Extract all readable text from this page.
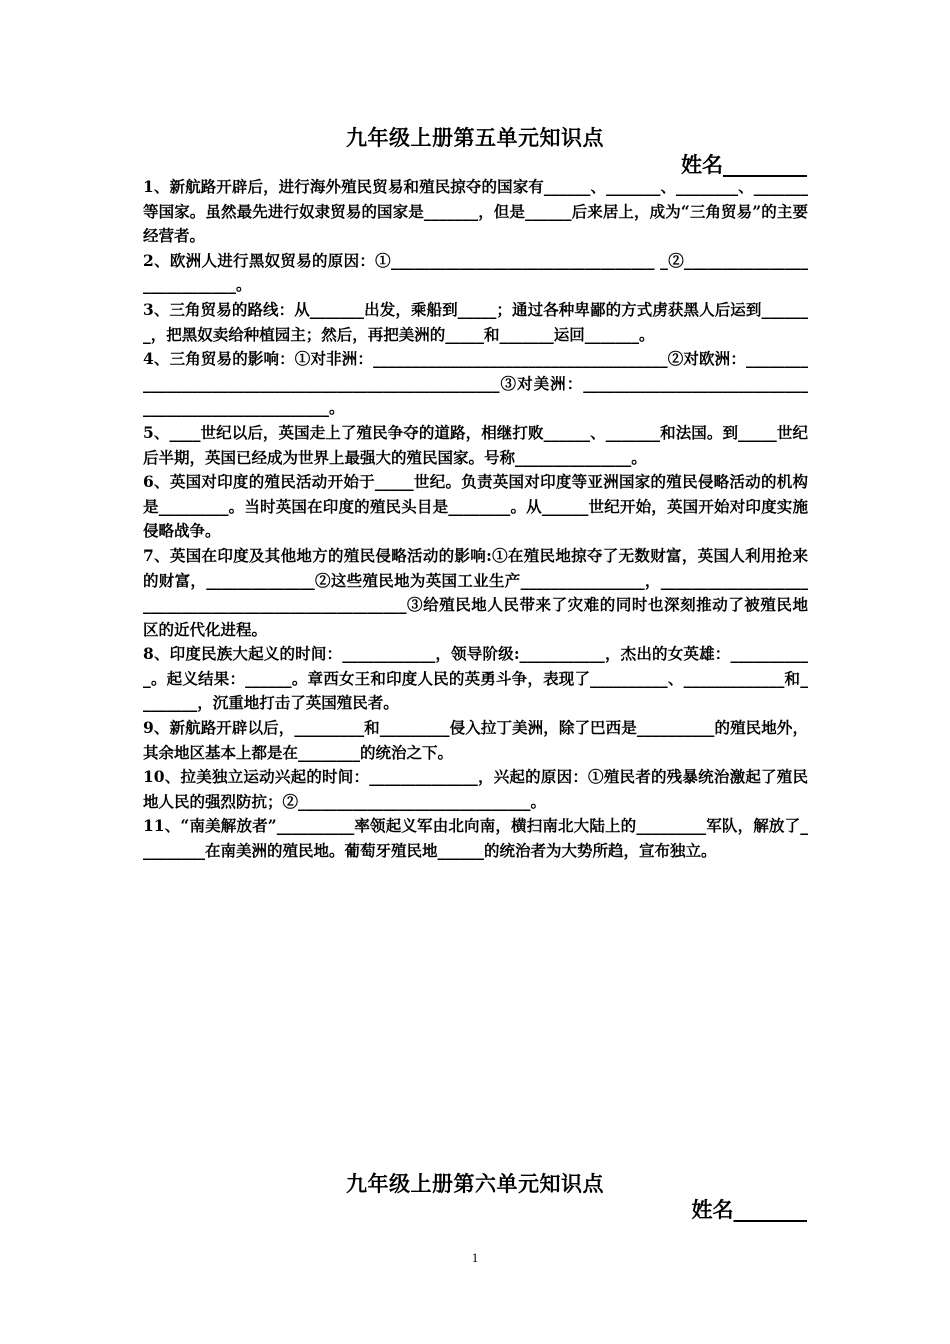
九年级上册第五单元知识点
姓名________

1、新航路开辟后，进行海外殖民贸易和殖民掠夺的国家有______、_______、________、_______等国家。虽然最先进行奴隶贸易的国家是_______，但是______后来居上，成为“三角贸易”的主要经营者。

2、欧洲人进行黑奴贸易的原因：①__________________________________ _②____________________________。

3、三角贸易的路线：从_______出发，乘船到_____；通过各种卑鄙的方式虏获黑人后运到_______，把黑奴卖给种植园主；然后，再把美洲的_____和_______运回_______。

4、三角贸易的影响：①对非洲：______________________________________②对欧洲：______________________________________________________③对美洲：_____________________________________________________。

5、____世纪以后，英国走上了殖民争夺的道路，相继打败______、_______和法国。到_____世纪后半期，英国已经成为世界上最强大的殖民国家。号称_______________。

6、英国对印度的殖民活动开始于_____世纪。负责英国对印度等亚洲国家的殖民侵略活动的机构是_________。当时英国在印度的殖民头目是________。从______世纪开始，英国开始对印度实施侵略战争。

7、英国在印度及其他地方的殖民侵略活动的影响:①在殖民地掠夺了无数财富，英国人利用抢来的财富，______________②这些殖民地为英国工业生产________________，_____________________________________________________③给殖民地人民带来了灾难的同时也深刻推动了被殖民地区的近代化进程。

8、印度民族大起义的时间：____________，领导阶级:___________，杰出的女英雄：___________。起义结果：______。章西女王和印度人民的英勇斗争，表现了__________、_____________和________，沉重地打击了英国殖民者。

9、新航路开辟以后，_________和_________侵入拉丁美洲，除了巴西是__________的殖民地外，其余地区基本上都是在________的统治之下。

10、拉美独立运动兴起的时间：______________，兴起的原因：①殖民者的残暴统治激起了殖民地人民的强烈防抗；②______________________________。

11、“南美解放者”__________率领起义军由北向南，横扫南北大陆上的_________军队，解放了_________在南美洲的殖民地。葡萄牙殖民地______的统治者为大势所趋，宣布独立。

九年级上册第六单元知识点
姓名_______
1
